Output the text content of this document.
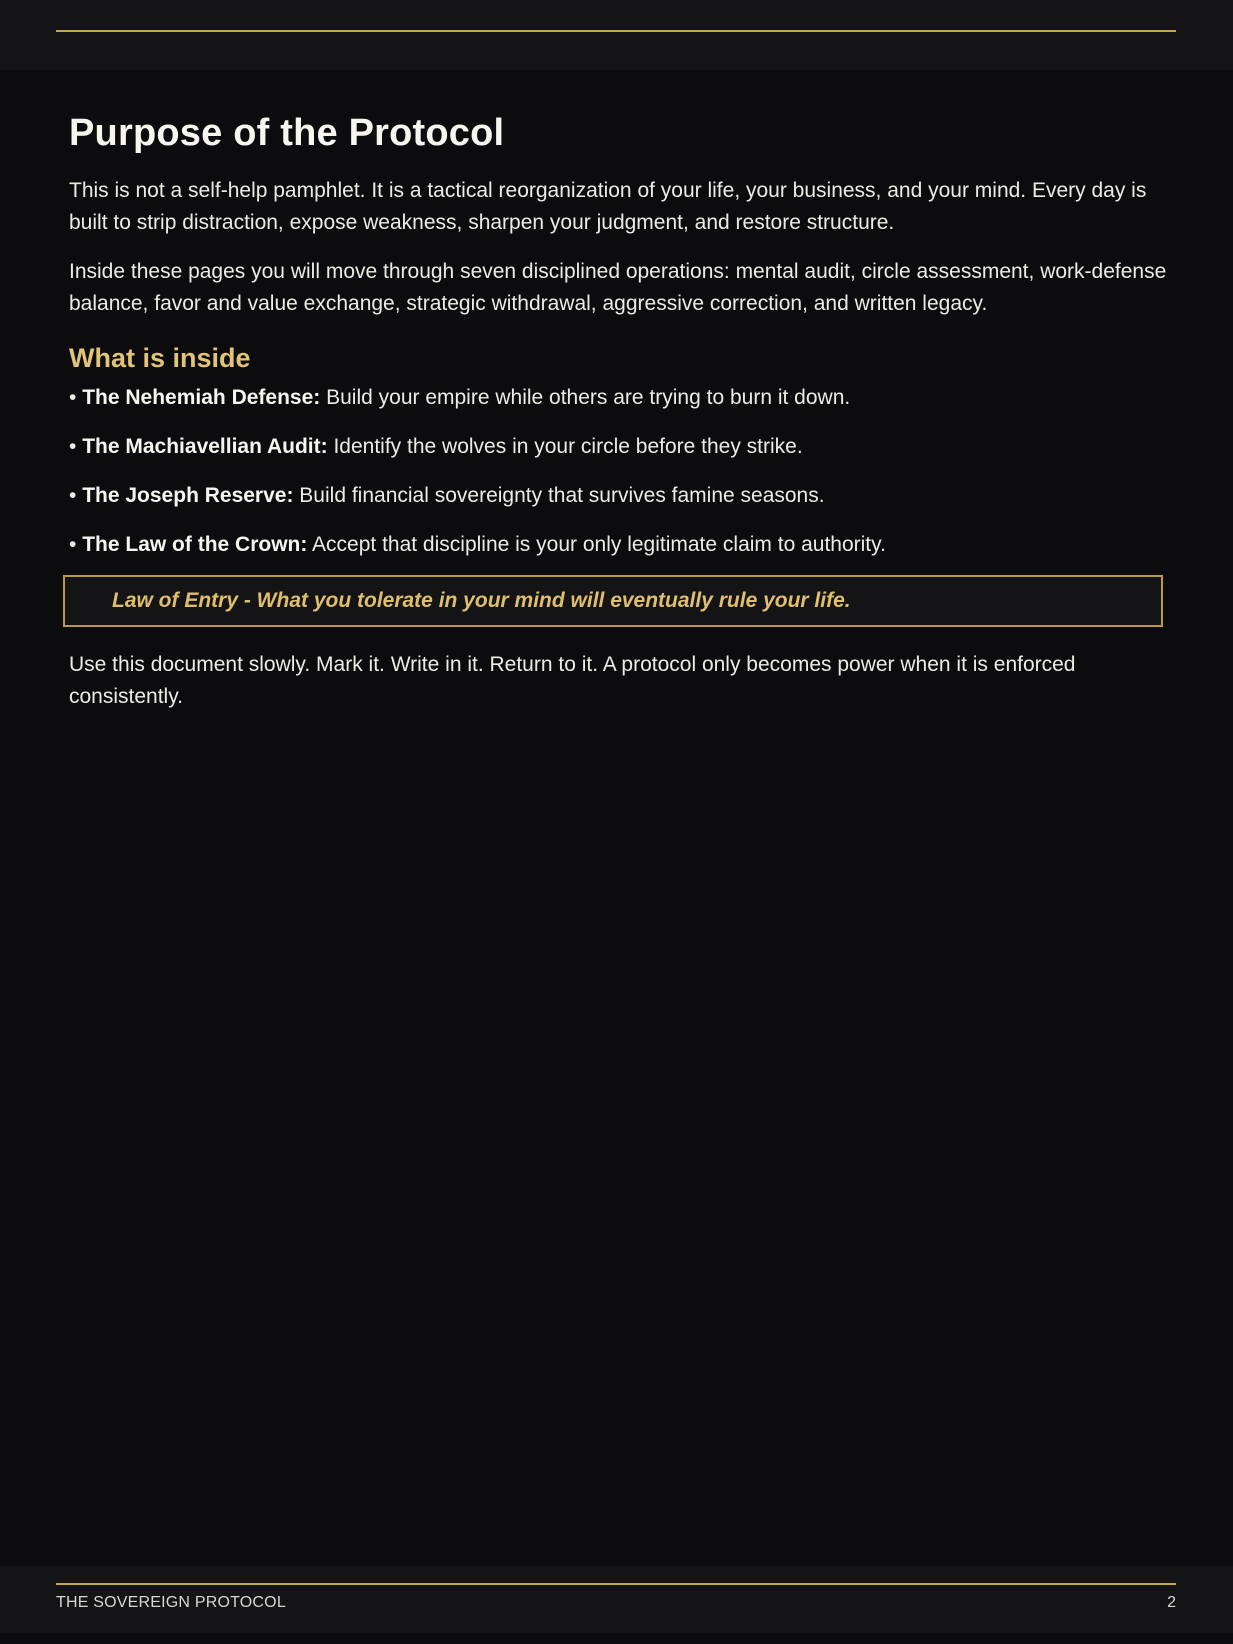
Purpose of the Protocol

This is not a self-help pamphlet. It is a tactical reorganization of your life, your business, and your mind. Every day is built to strip distraction, expose weakness, sharpen your judgment, and restore structure.

Inside these pages you will move through seven disciplined operations: mental audit, circle assessment, work-defense balance, favor and value exchange, strategic withdrawal, aggressive correction, and written legacy.

What is inside
• The Nehemiah Defense: Build your empire while others are trying to burn it down.
• The Machiavellian Audit: Identify the wolves in your circle before they strike.
• The Joseph Reserve: Build financial sovereignty that survives famine seasons.
• The Law of the Crown: Accept that discipline is your only legitimate claim to authority.
Law of Entry - What you tolerate in your mind will eventually rule your life.

Use this document slowly. Mark it. Write in it. Return to it. A protocol only becomes power when it is enforced consistently.

THE SOVEREIGN PROTOCOL	2
